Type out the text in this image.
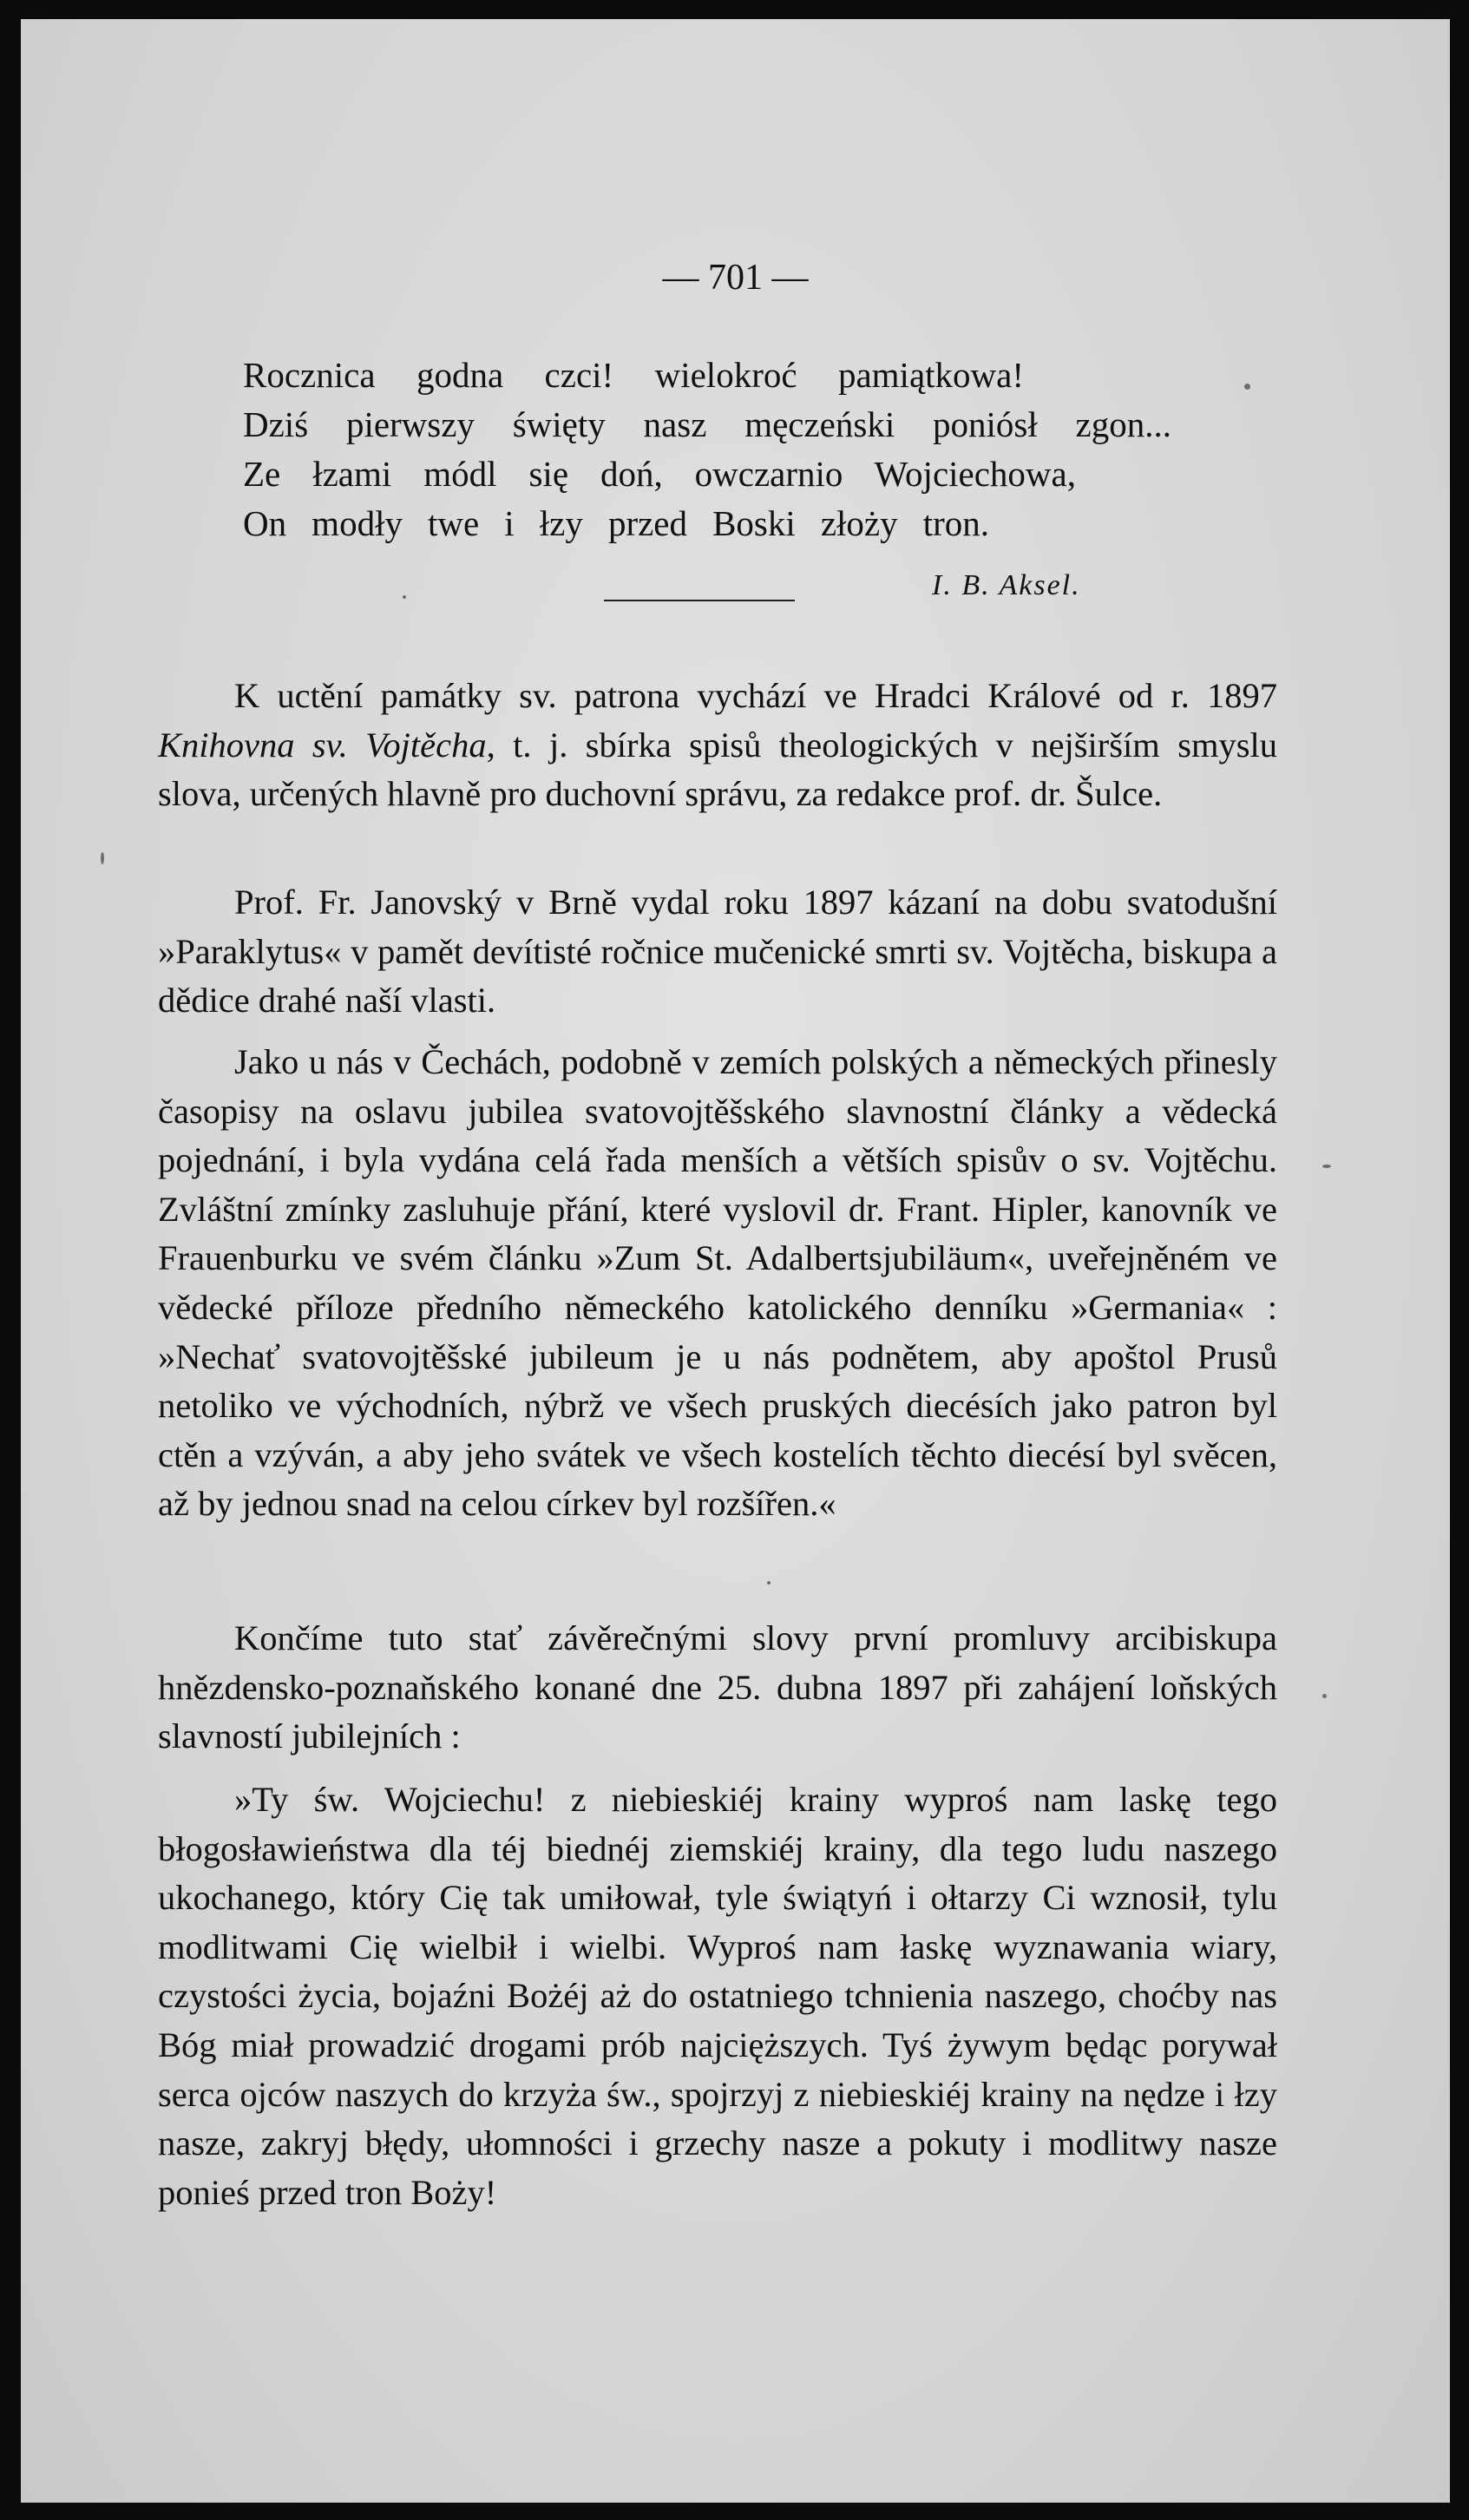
— 701 —
Rocznica godna czci! wielokroć pamiątkowa!
Dziś pierwszy święty nasz męczeński poniósł zgon...
Ze łzami módl się doń, owczarnio Wojciechowa,
On modły twe i łzy przed Boski złoży tron.
I. B. Aksel.

K uctění památky sv. patrona vychází ve Hradci Králové od r. 1897 Knihovna sv. Vojtěcha, t. j. sbírka spisů theologických v nejširším smyslu slova, určených hlavně pro duchovní správu, za redakce prof. dr. Šulce.

Prof. Fr. Janovský v Brně vydal roku 1897 kázaní na dobu svatodušní »Paraklytus« v pamět devítisté ročnice mučenické smrti sv. Vojtěcha, biskupa a dědice drahé naší vlasti.

Jako u nás v Čechách, podobně v zemích polských a německých přinesly časopisy na oslavu jubilea svatovojtěšského slavnostní články a vědecká pojednání, i byla vydána celá řada menších a větších spisův o sv. Vojtěchu. Zvláštní zmínky zasluhuje přání, které vyslovil dr. Frant. Hipler, kanovník ve Frauenburku ve svém článku »Zum St. Adalbertsjubiläum«, uveřejněném ve vědecké příloze předního německého katolického denníku »Germania« : »Nechať svatovojtěšské jubileum je u nás podnětem, aby apoštol Prusů netoliko ve východních, nýbrž ve všech pruských diecésích jako patron byl ctěn a vzýván, a aby jeho svátek ve všech kostelích těchto diecésí byl svěcen, až by jednou snad na celou církev byl rozšířen.«

Končíme tuto stať závěrečnými slovy první promluvy arcibiskupa hnězdensko-poznaňského konané dne 25. dubna 1897 při zahájení loňských slavností jubilejních :

»Ty św. Wojciechu! z niebieskiéj krainy wyproś nam laskę tego błogosławieństwa dla téj biednéj ziemskiéj krainy, dla tego ludu naszego ukochanego, który Cię tak umiłował, tyle świątyń i ołtarzy Ci wznosił, tylu modlitwami Cię wielbił i wielbi. Wyproś nam łaskę wyznawania wiary, czystości życia, bojaźni Bożéj aż do ostatniego tchnienia naszego, choćby nas Bóg miał prowadzić drogami prób najcięższych. Tyś żywym będąc porywał serca ojców naszych do krzyża św., spojrzyj z niebieskiéj krainy na nędze i łzy nasze, zakryj błędy, ułomności i grzechy nasze a pokuty i modlitwy nasze ponieś przed tron Boży!
